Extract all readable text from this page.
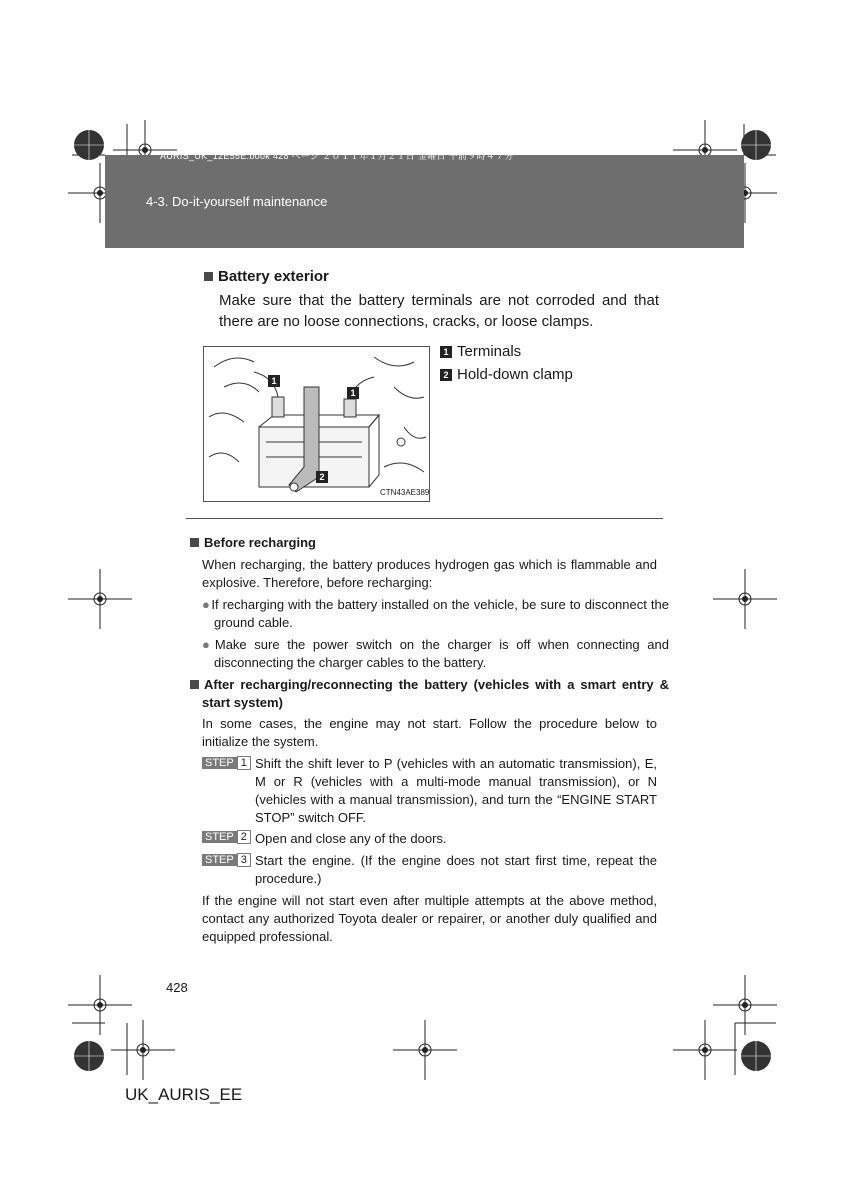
AURIS_UK_12E55E.book 428 ページ ２０１１年１月２１日 金曜日 午前９時４７分
4-3. Do-it-yourself maintenance
Battery exterior
Make sure that the battery terminals are not corroded and that there are no loose connections, cracks, or loose clamps.
1
1
2
CTN43AE389
1 Terminals
2 Hold-down clamp
Before recharging
When recharging, the battery produces hydrogen gas which is flammable and explosive. Therefore, before recharging:
●If recharging with the battery installed on the vehicle, be sure to disconnect the ground cable.
●Make sure the power switch on the charger is off when connecting and disconnecting the charger cables to the battery.
After recharging/reconnecting the battery (vehicles with a smart entry & start system)
In some cases, the engine may not start. Follow the procedure below to initialize the system.
STEP 1 Shift the shift lever to P (vehicles with an automatic transmission), E, M or R (vehicles with a multi-mode manual transmission), or N (vehicles with a manual transmission), and turn the “ENGINE START STOP” switch OFF.
STEP 2 Open and close any of the doors.
STEP 3 Start the engine. (If the engine does not start first time, repeat the procedure.)
If the engine will not start even after multiple attempts at the above method, contact any authorized Toyota dealer or repairer, or another duly qualified and equipped professional.
428
UK_AURIS_EE
